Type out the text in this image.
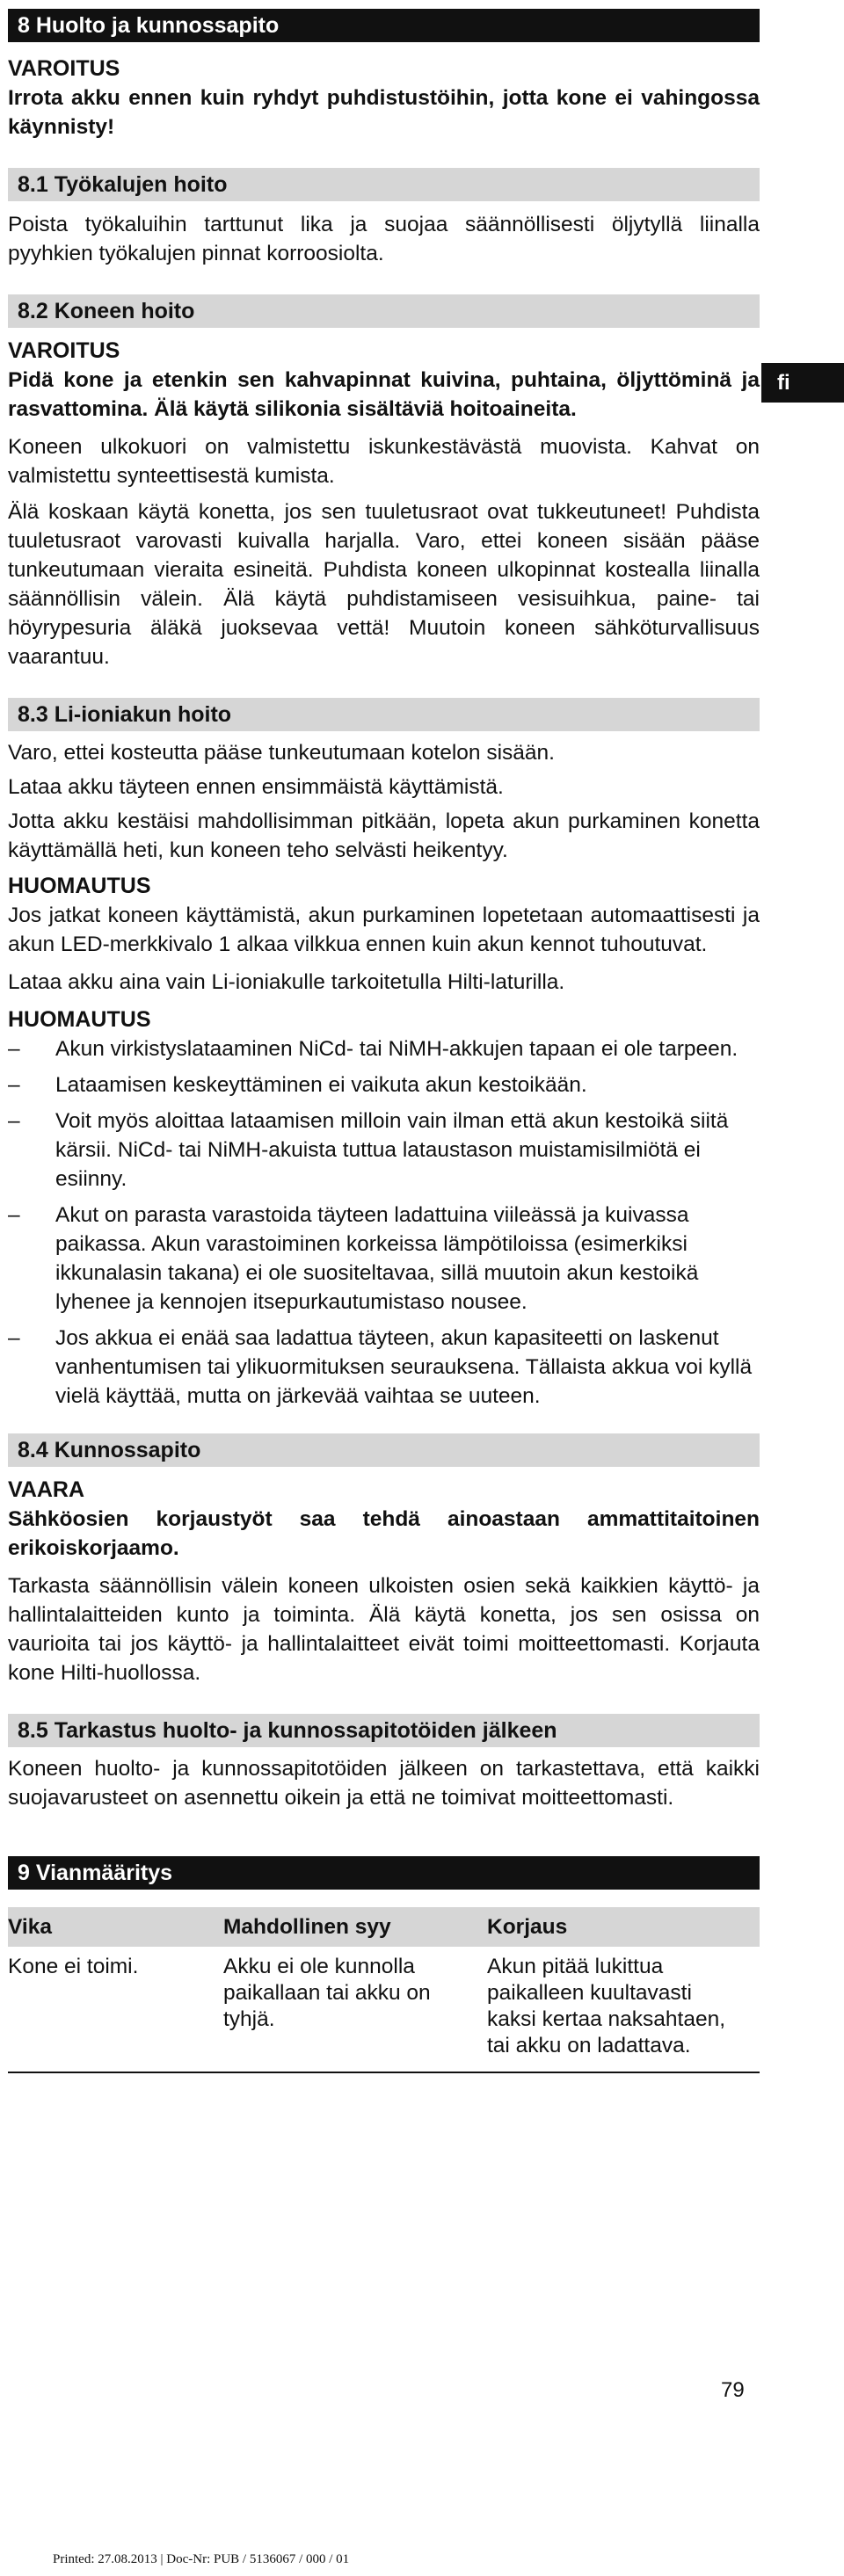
fi
8 Huolto ja kunnossapito
VAROITUS

Irrota akku ennen kuin ryhdyt puhdistustöihin, jotta kone ei vahingossa käynnisty!

8.1 Työkalujen hoito

Poista työkaluihin tarttunut lika ja suojaa säännöllisesti öljytyllä liinalla pyyhkien työkalujen pinnat korroosiolta.

8.2 Koneen hoito
VAROITUS

Pidä kone ja etenkin sen kahvapinnat kuivina, puhtaina, öljyttöminä ja rasvattomina. Älä käytä silikonia sisältäviä hoitoaineita.

Koneen ulkokuori on valmistettu iskunkestävästä muovista. Kahvat on valmistettu synteettisestä kumista.

Älä koskaan käytä konetta, jos sen tuuletusraot ovat tukkeutuneet! Puhdista tuuletusraot varovasti kuivalla harjalla. Varo, ettei koneen sisään pääse tunkeutumaan vieraita esineitä. Puhdista koneen ulkopinnat kostealla liinalla säännöllisin välein. Älä käytä puhdistamiseen vesisuihkua, paine- tai höyrypesuria äläkä juoksevaa vettä! Muutoin koneen sähköturvallisuus vaarantuu.

8.3 Li-ioniakun hoito

Varo, ettei kosteutta pääse tunkeutumaan kotelon sisään.

Lataa akku täyteen ennen ensimmäistä käyttämistä.

Jotta akku kestäisi mahdollisimman pitkään, lopeta akun purkaminen konetta käyttämällä heti, kun koneen teho selvästi heikentyy.

HUOMAUTUS

Jos jatkat koneen käyttämistä, akun purkaminen lopetetaan automaattisesti ja akun LED-merkkivalo 1 alkaa vilkkua ennen kuin akun kennot tuhoutuvat.

Lataa akku aina vain Li-ioniakulle tarkoitetulla Hilti-laturilla.

HUOMAUTUS
– Akun virkistyslataaminen NiCd- tai NiMH-akkujen tapaan ei ole tarpeen.
– Lataamisen keskeyttäminen ei vaikuta akun kestoikään.
– Voit myös aloittaa lataamisen milloin vain ilman että akun kestoikä siitä kärsii. NiCd- tai NiMH-akuista tuttua lataustason muistamisilmiötä ei esiinny.
– Akut on parasta varastoida täyteen ladattuina viileässä ja kuivassa paikassa. Akun varastoiminen korkeissa lämpötiloissa (esimerkiksi ikkunalasin takana) ei ole suositeltavaa, sillä muutoin akun kestoikä lyhenee ja kennojen itsepurkautumistaso nousee.
– Jos akkua ei enää saa ladattua täyteen, akun kapasiteetti on laskenut vanhentumisen tai ylikuormituksen seurauksena. Tällaista akkua voi kyllä vielä käyttää, mutta on järkevää vaihtaa se uuteen.
8.4 Kunnossapito
VAARA

Sähköosien korjaustyöt saa tehdä ainoastaan ammattitaitoinen erikoiskorjaamo.

Tarkasta säännöllisin välein koneen ulkoisten osien sekä kaikkien käyttö- ja hallintalaitteiden kunto ja toiminta. Älä käytä konetta, jos sen osissa on vaurioita tai jos käyttö- ja hallintalaitteet eivät toimi moitteettomasti. Korjauta kone Hilti-huollossa.

8.5 Tarkastus huolto- ja kunnossapitotöiden jälkeen

Koneen huolto- ja kunnossapitotöiden jälkeen on tarkastettava, että kaikki suojavarusteet on asennettu oikein ja että ne toimivat moitteettomasti.

9 Vianmääritys
Vika	Mahdollinen syy	Korjaus
Kone ei toimi.	Akku ei ole kunnolla paikallaan tai akku on tyhjä.	Akun pitää lukittua paikalleen kuultavasti kaksi kertaa naksahtaen, tai akku on ladattava.
79
Printed: 27.08.2013 | Doc-Nr: PUB / 5136067 / 000 / 01
